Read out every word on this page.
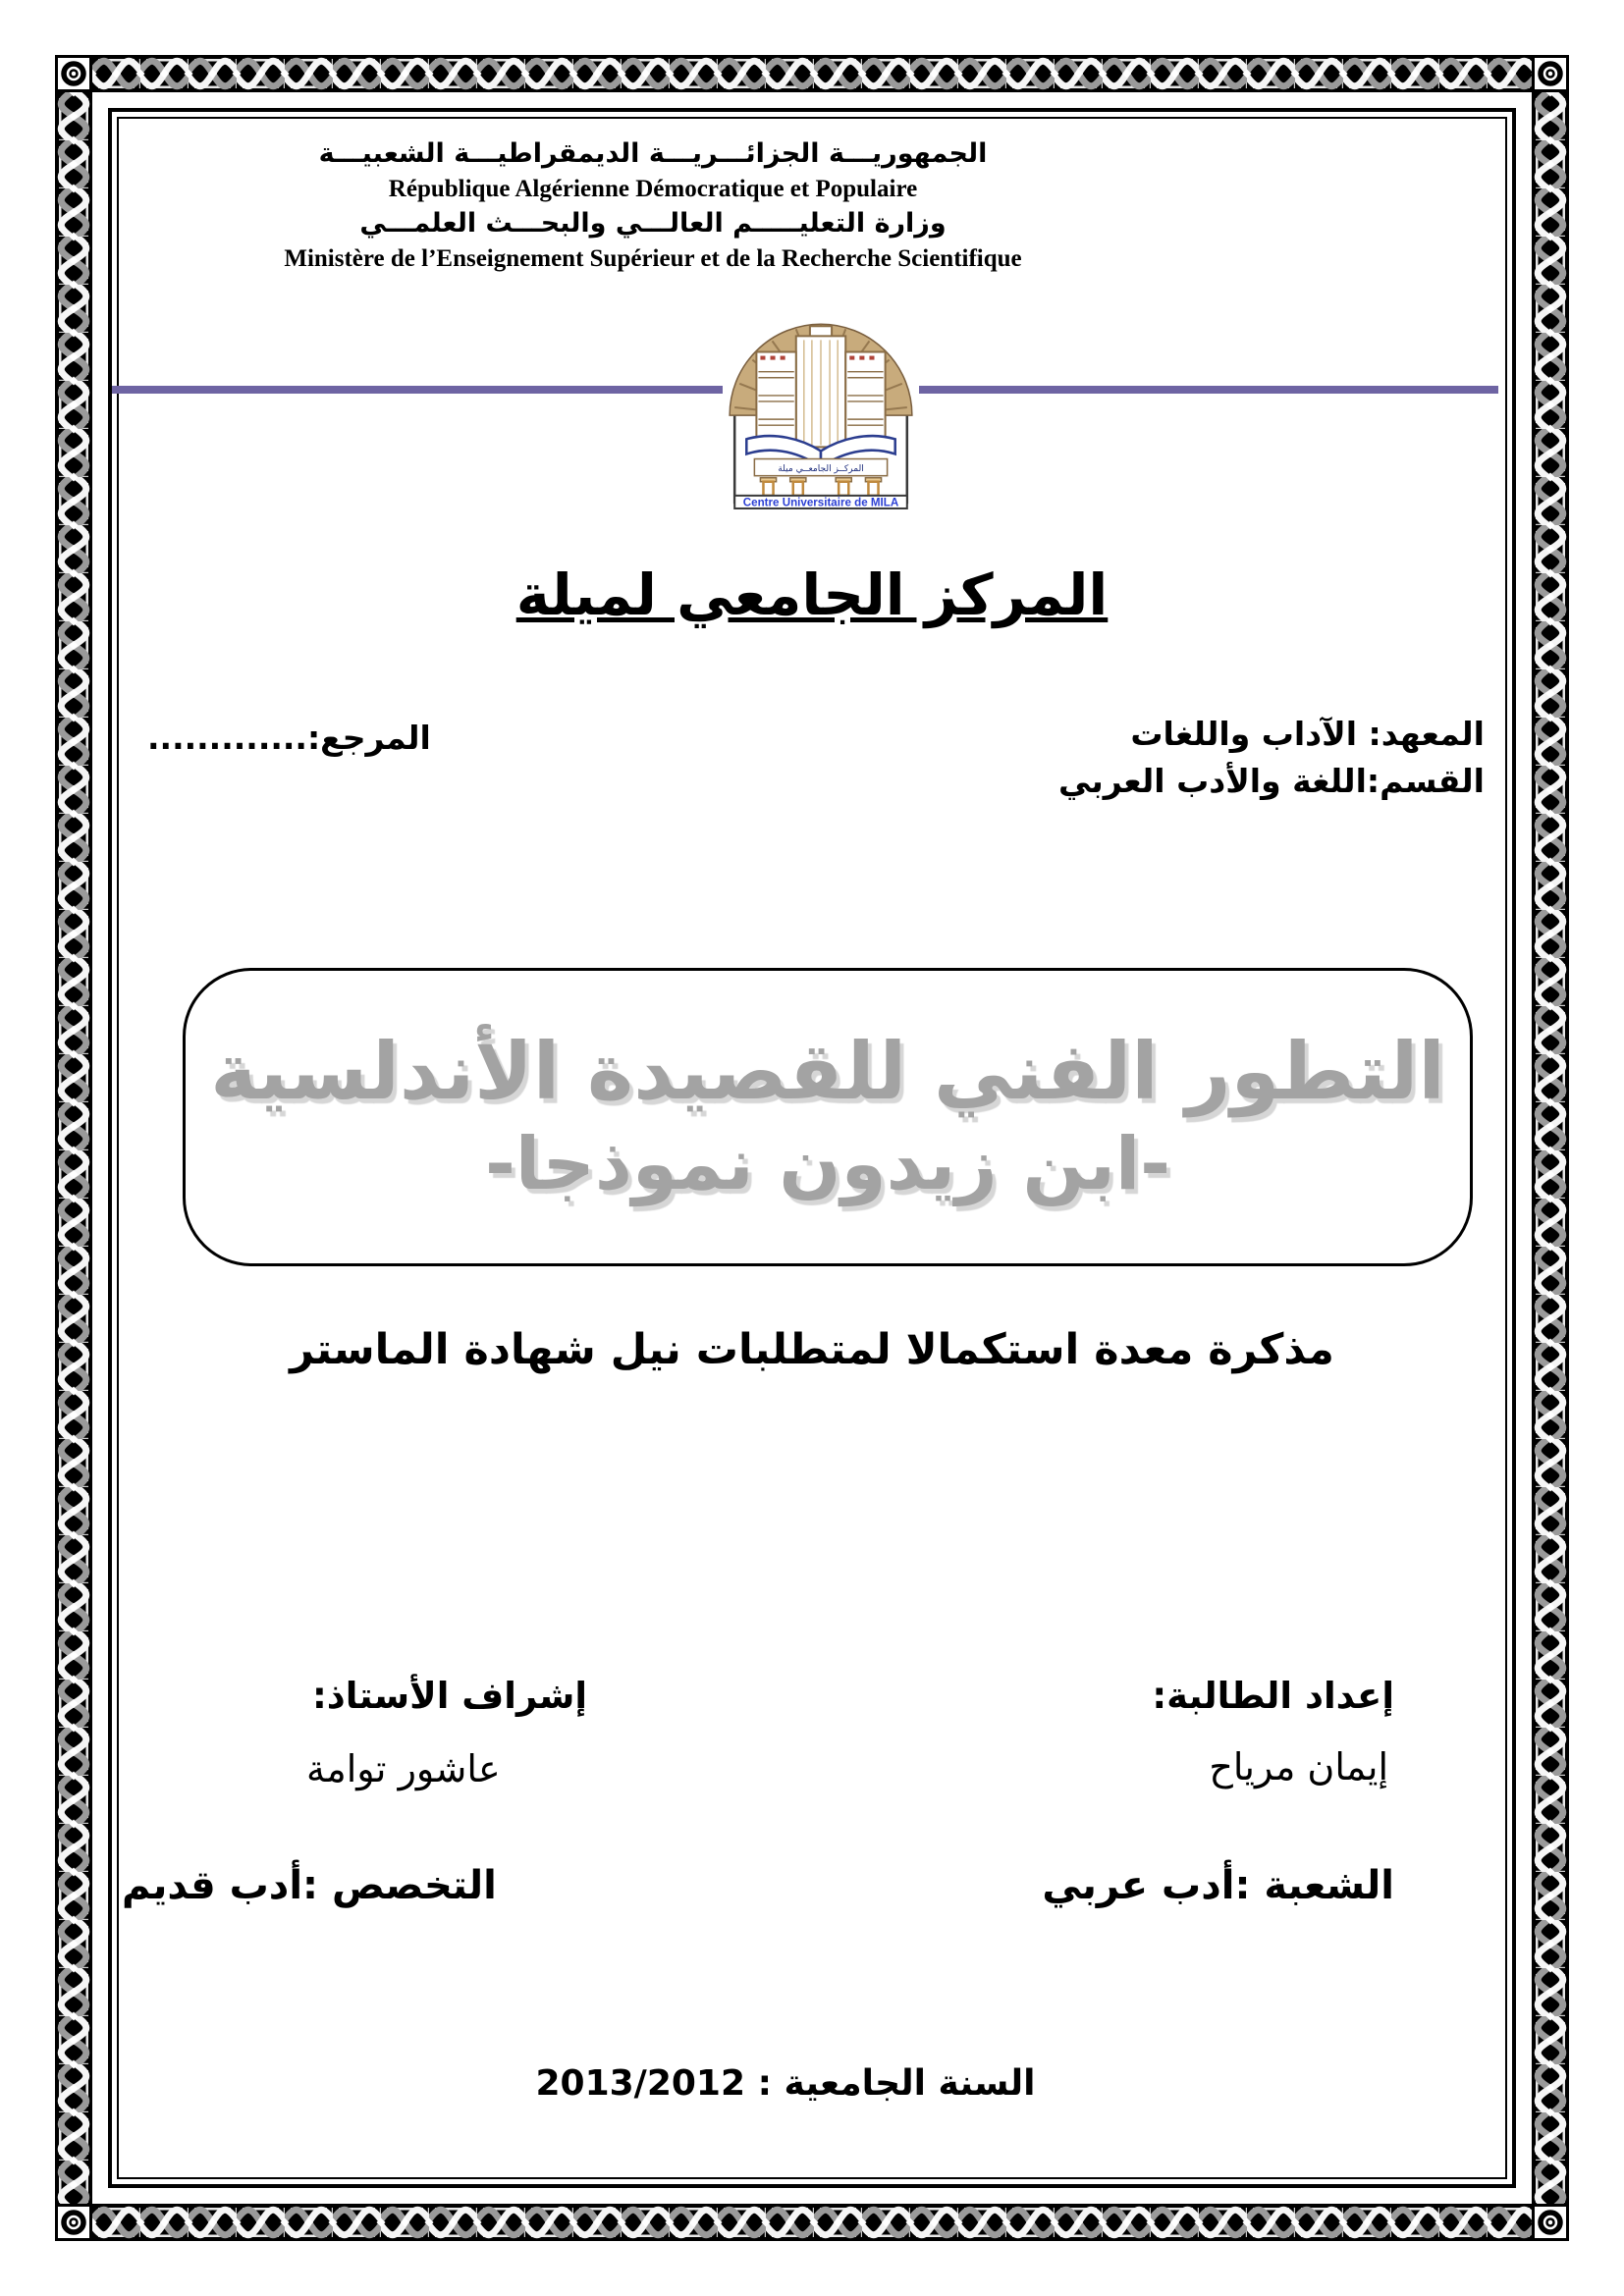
الجمهوريـــة الجزائـــريـــة الديمقراطيـــة الشعبيـــة
République Algérienne Démocratique et Populaire
وزارة التعليـــــم العالـــي والبحـــث العلمـــي
Ministère de l’Enseignement Supérieur et de la Recherche Scientifique
المركــز الجامعــي ميلة
Centre Universitaire de MILA
المركز الجامعي لميلة
المعهد: الآداب واللغات
القسم:اللغة والأدب العربي
المرجع:.............
التطور الفني للقصيدة الأندلسية
-ابن زيدون نموذجا-
مذكرة معدة استكمالا لمتطلبات نيل شهادة الماستر
إعداد الطالبة:
إيمان مرياح
إشراف الأستاذ:
عاشور توامة
الشعبة :أدب عربي
التخصص :أدب قديم
السنة الجامعية : 2013/2012
